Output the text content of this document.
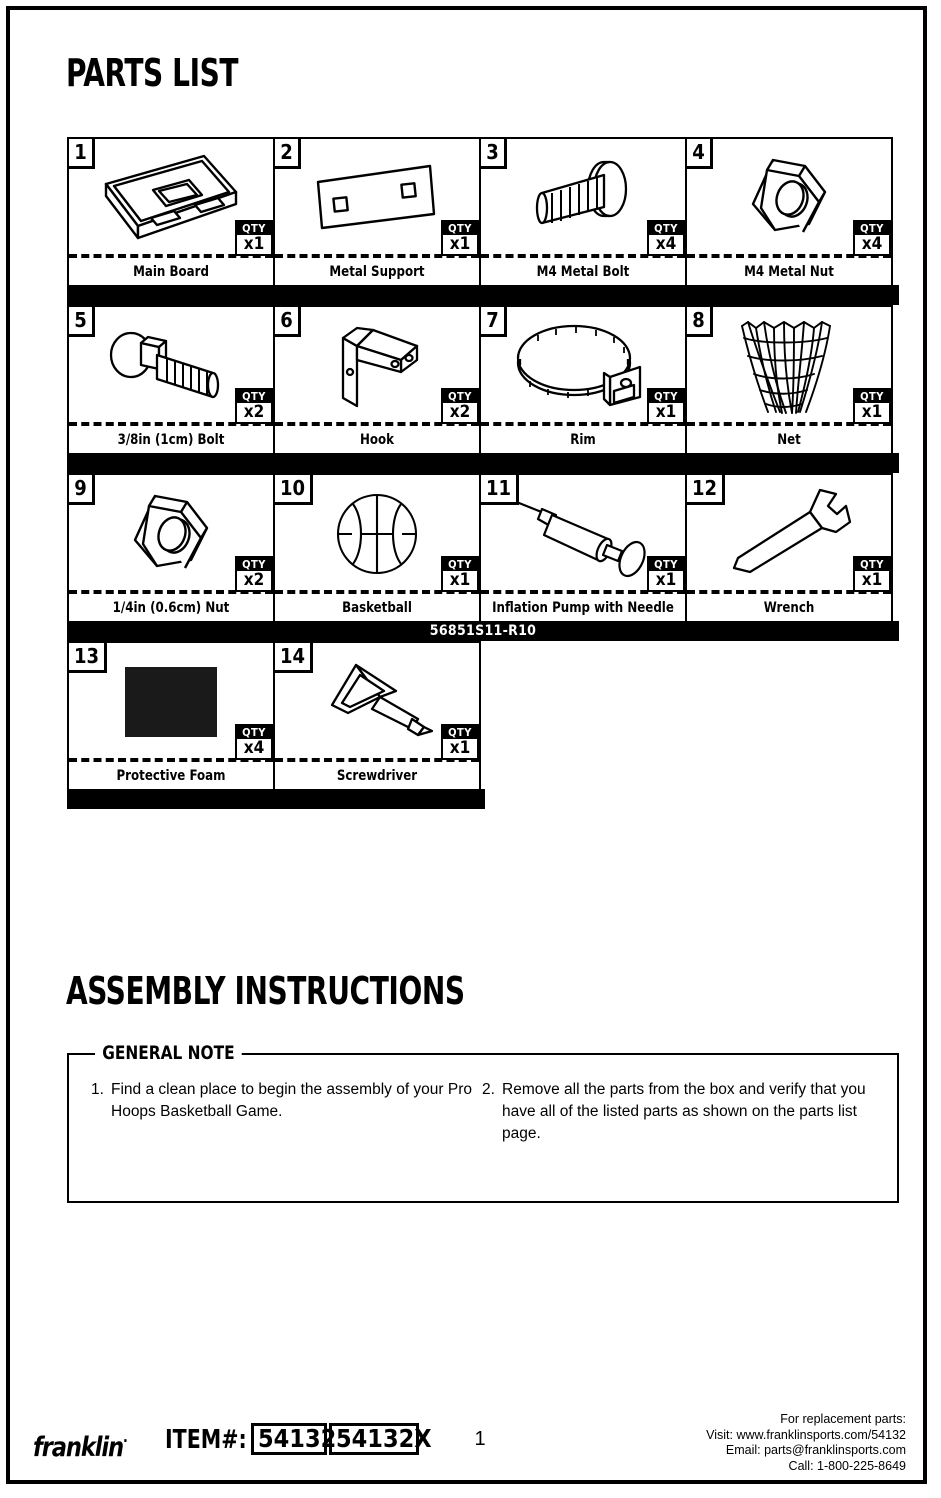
PARTS LIST
1
QTY
x1
Main Board
2
QTY
x1
Metal Support
3
QTY
x4
M4 Metal Bolt
4
QTY
x4
M4 Metal Nut
5
QTY
x2
3/8in (1cm) Bolt
6
QTY
x2
Hook
7
QTY
x1
Rim
8
QTY
x1
Net
9
QTY
x2
1/4in (0.6cm) Nut
10
QTY
x1
Basketball
11
QTY
x1
Inflation Pump with Needle
12
QTY
x1
Wrench
56851S11-R10
13
QTY
x4
Protective Foam
14
QTY
x1
Screwdriver
ASSEMBLY INSTRUCTIONS
GENERAL NOTE
1. Find a clean place to begin the assembly of your Pro Hoops Basketball Game.
2. Remove all the parts from the box and verify that you have all of the listed parts as shown on the parts list page.
franklin· ITEM#: 54132 54132X	1
For replacement parts:
Visit: www.franklinsports.com/54132
Email: parts@franklinsports.com
Call: 1-800-225-8649
